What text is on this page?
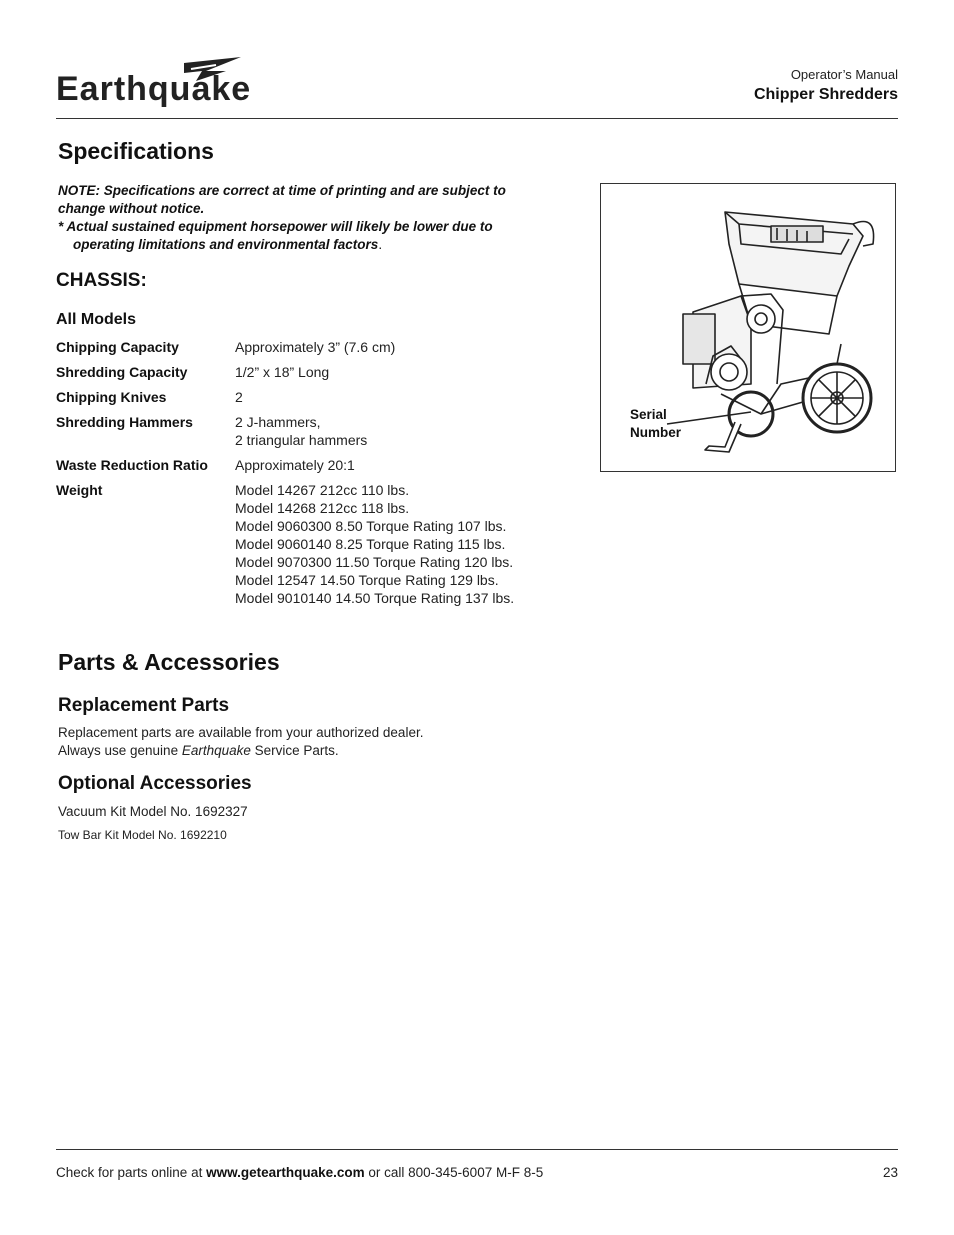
Earthquake	Operator’s Manual
Chipper Shredders
Specifications

NOTE: Specifications are correct at time of printing and are subject to change without notice.

* Actual sustained equipment horsepower will likely be lower due to operating limitations and environmental factors.

CHASSIS:
All Models
Chipping Capacity	Approximately 3” (7.6 cm)
Shredding Capacity	1/2” x 18” Long
Chipping Knives	2
Shredding Hammers	2 J-hammers,
2 triangular hammers
Waste Reduction Ratio	Approximately 20:1
Weight	Model 14267 212cc 110 lbs.
Model 14268 212cc 118 lbs.
Model 9060300 8.50 Torque Rating 107 lbs.
Model 9060140 8.25 Torque Rating 115 lbs.
Model 9070300 11.50 Torque Rating 120 lbs.
Model 12547 14.50 Torque Rating 129 lbs.
Model 9010140 14.50 Torque Rating 137 lbs.
Serial
Number
Parts & Accessories
Replacement Parts
Replacement parts are available from your authorized dealer.
Always use genuine Earthquake Service Parts.
Optional Accessories
Vacuum Kit Model No. 1692327
Tow Bar Kit Model No. 1692210
Check for parts online at www.getearthquake.com or call 800-345-6007 M-F 8-5	23
